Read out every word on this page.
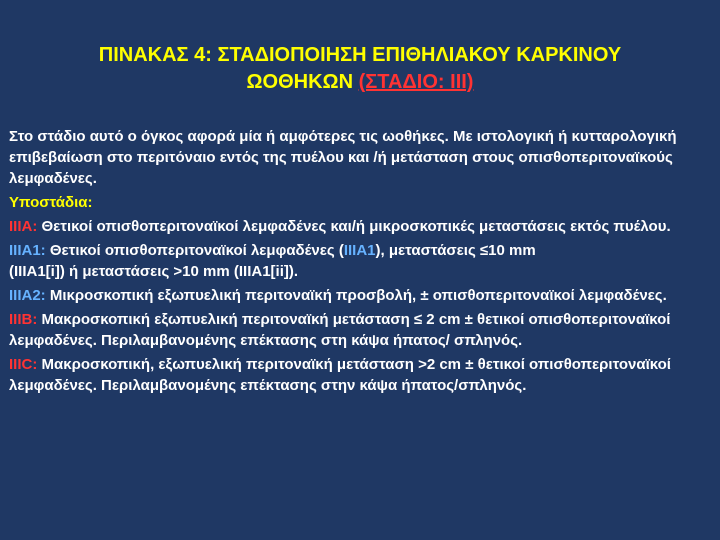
ΠΙΝΑΚΑΣ 4: ΣΤΑΔΙΟΠΟΙΗΣΗ ΕΠΙΘΗΛΙΑΚΟΥ ΚΑΡΚΙΝΟΥ
ΩΟΘΗΚΩΝ (ΣΤΑΔΙΟ: ΙΙΙ)

Στο στάδιο αυτό ο όγκος αφορά μία ή αμφότερες τις ωοθήκες. Με ιστολογική ή κυτταρολογική επιβεβαίωση στο περιτόναιο εντός της πυέλου και /ή μετάσταση στους οπισθοπεριτοναϊκούς λεμφαδένες.

Υποστάδια:

IIIA: Θετικοί οπισθοπεριτοναϊκοί λεμφαδένες και/ή μικροσκοπικές μεταστάσεις εκτός πυέλου.

IIIA1: Θετικοί οπισθοπεριτοναϊκοί λεμφαδένες (IIIA1), μεταστάσεις ≤10 mm
(IIIA1[i]) ή μεταστάσεις >10 mm (IIIA1[ii]).

IIIA2: Μικροσκοπική εξωπυελική περιτοναϊκή προσβολή, ± οπισθοπεριτοναϊκοί λεμφαδένες.

IIIB: Μακροσκοπική εξωπυελική περιτοναϊκή μετάσταση ≤ 2 cm ± θετικοί οπισθοπεριτοναϊκοί λεμφαδένες. Περιλαμβανομένης επέκτασης στη κάψα ήπατος/ σπληνός.

IIIC: Μακροσκοπική, εξωπυελική περιτοναϊκή μετάσταση >2 cm ± θετικοί οπισθοπεριτοναϊκοί λεμφαδένες. Περιλαμβανομένης επέκτασης στην κάψα ήπατος/σπληνός.
